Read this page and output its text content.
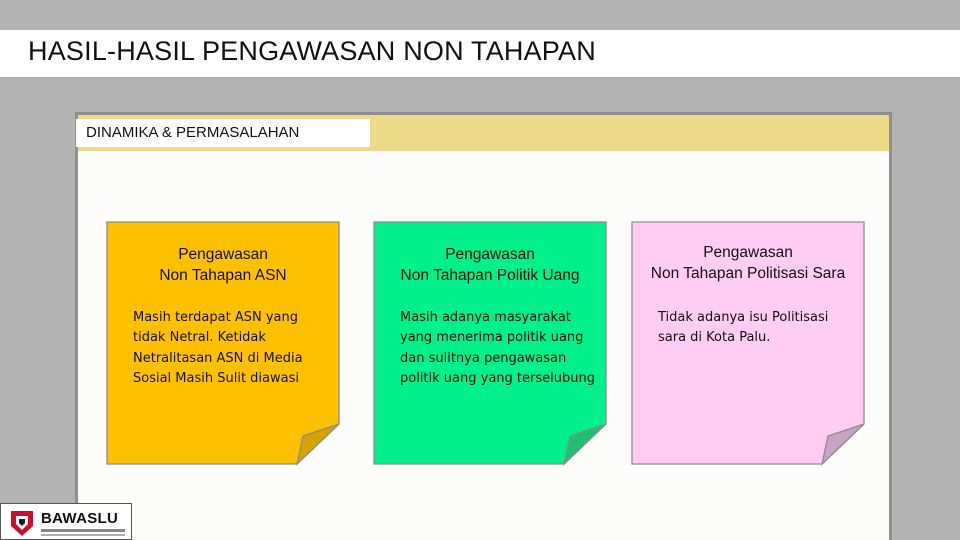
HASIL-HASIL PENGAWASAN NON TAHAPAN
DINAMIKA & PERMASALAHAN
Pengawasan
Non Tahapan ASN
Masih terdapat ASN yang tidak Netral. Ketidak Netralitasan ASN di Media Sosial Masih Sulit diawasi
Pengawasan
Non Tahapan Politik Uang
Masih adanya masyarakat yang menerima politik uang dan sulitnya pengawasan politik uang yang terselubung
Pengawasan
Non Tahapan Politisasi Sara
Tidak adanya isu Politisasi sara di Kota Palu.
BAWASLU
